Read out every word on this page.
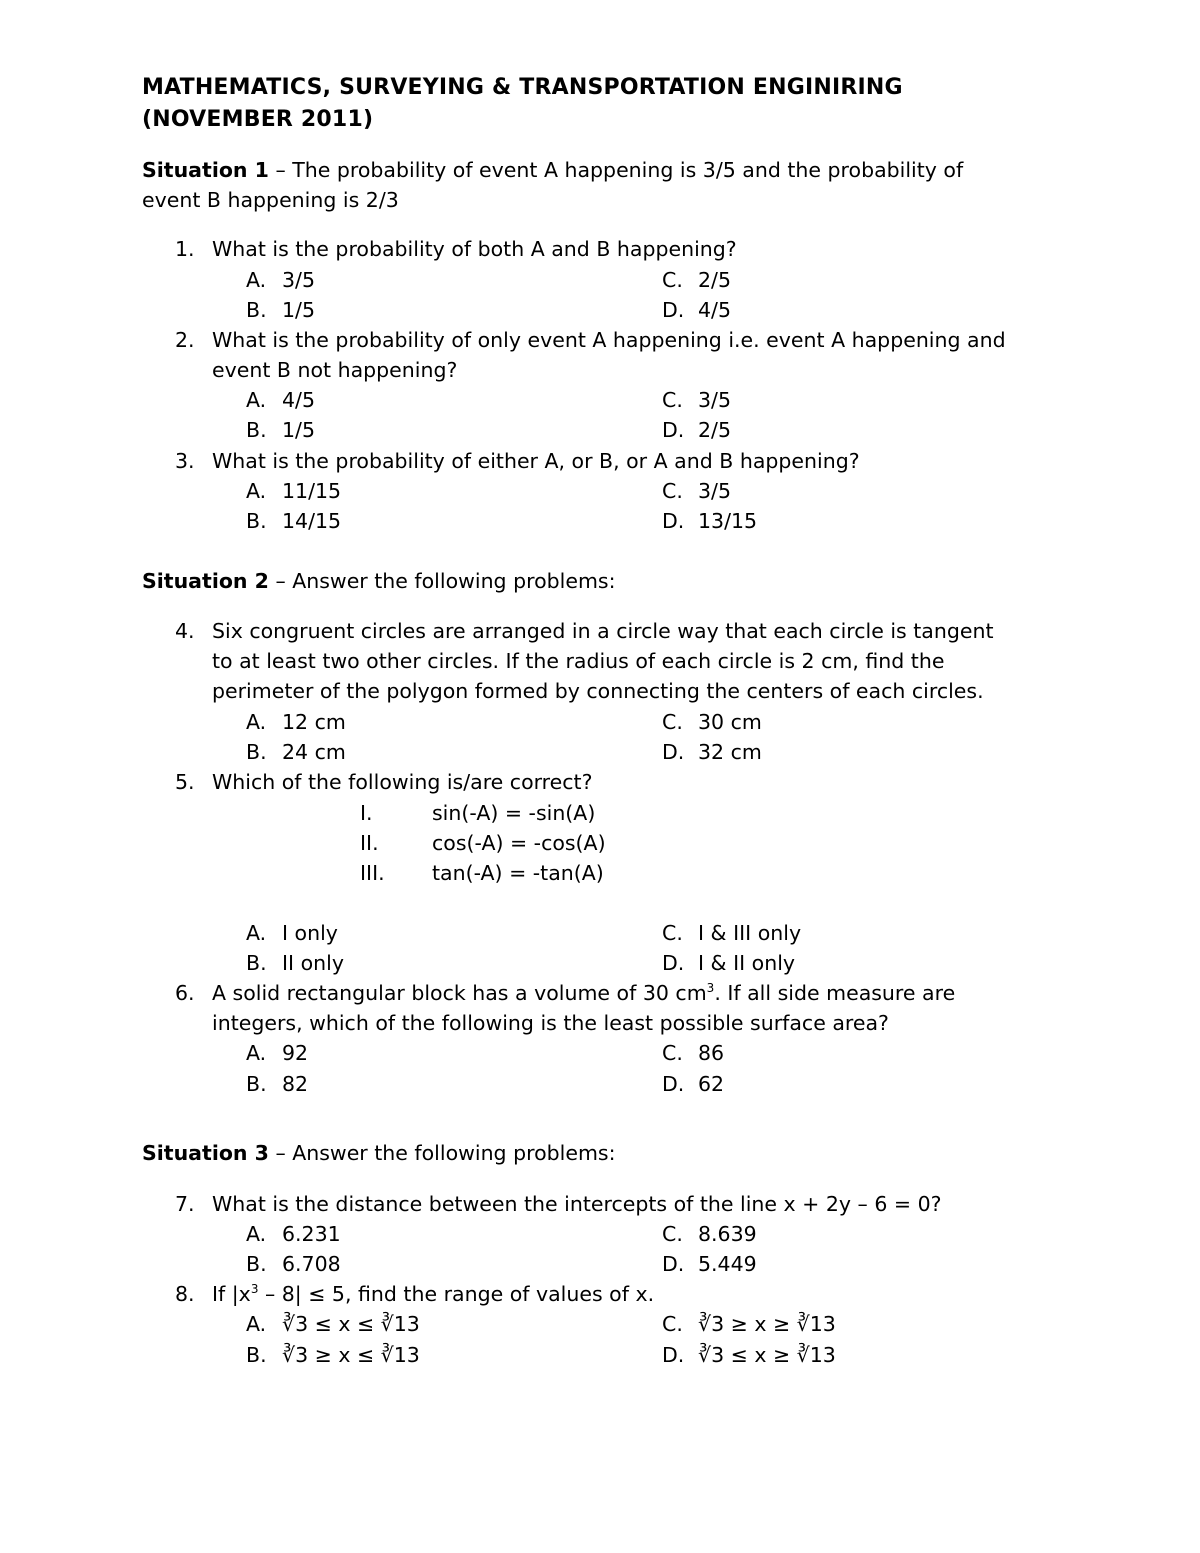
MATHEMATICS, SURVEYING & TRANSPORTATION ENGINIRING
(NOVEMBER 2011)
Situation 1 – The probability of event A happening is 3/5 and the probability of
event B happening is 2/3
1. What is the probability of both A and B happening?
A. 3/5	C. 2/5
B. 1/5	D. 4/5
2. What is the probability of only event A happening i.e. event A happening and
event B not happening?
A. 4/5	C. 3/5
B. 1/5	D. 2/5
3. What is the probability of either A, or B, or A and B happening?
A. 11/15	C. 3/5
B. 14/15	D. 13/15
Situation 2 – Answer the following problems:
4. Six congruent circles are arranged in a circle way that each circle is tangent
to at least two other circles. If the radius of each circle is 2 cm, find the
perimeter of the polygon formed by connecting the centers of each circles.
A. 12 cm	C. 30 cm
B. 24 cm	D. 32 cm
5. Which of the following is/are correct?
I.	sin(-A) = -sin(A)
II.	cos(-A) = -cos(A)
III. tan(-A) = -tan(A)
A. I only	C. I & III only
B. II only	D. I & II only
6. A solid rectangular block has a volume of 30 $cm^3$. If all side measure are
integers, which of the following is the least possible surface area?
A. 92	C. 86
B. 82	D. 62
Situation 3 – Answer the following problems:
7. What is the distance between the intercepts of the line x + 2y – 6 = 0?
A. 6.231	C. 8.639
B. 6.708	D. 5.449
8. If $|x^3 - 8| \le 5$, find the range of values of x.
A. ∛3 ≤ x ≤ ∛13	C. ∛3 ≥ x ≥ ∛13
B. ∛3 ≥ x ≤ ∛13	D. ∛3 ≤ x ≥ ∛13
